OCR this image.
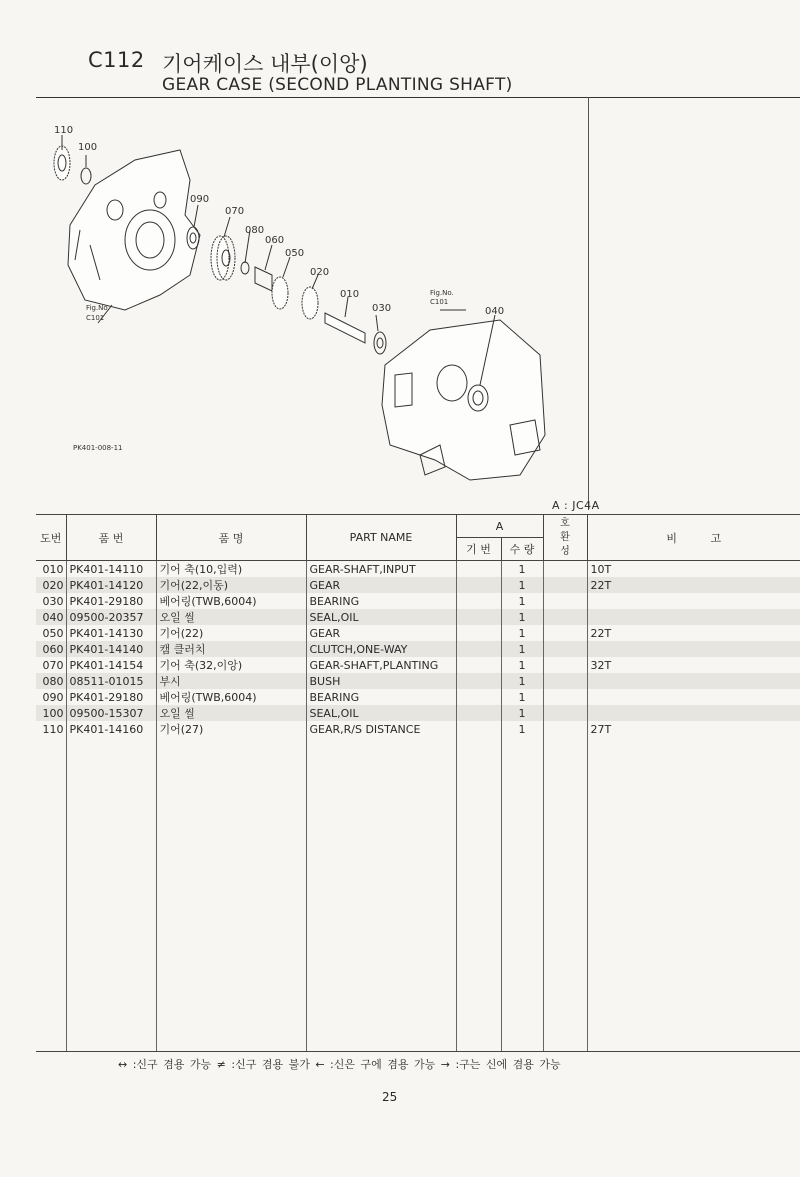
C112 기어케이스 내부(이앙)
GEAR CASE (SECOND PLANTING SHAFT)
110
100
090
070
080
060
050
020
010
030	040
Fig.No.
C101
Fig.No.
C101
PK401-008-11
A : JC4A
도번	품 번	품 명	PART NAME	A		호 환 성	비 고
				기 번	수 량		
010	PK401-14110	기어 축(10,입력)	GEAR-SHAFT,INPUT		1		10T
020	PK401-14120	기어(22,이동)	GEAR		1		22T
030	PK401-29180	베어링(TWB,6004)	BEARING		1		
040	09500-20357	오일 씰	SEAL,OIL		1		
050	PK401-14130	기어(22)	GEAR		1		22T
060	PK401-14140	캠 클러치	CLUTCH,ONE-WAY		1		
070	PK401-14154	기어 축(32,이앙)	GEAR-SHAFT,PLANTING		1		32T
080	08511-01015	부시	BUSH		1		
090	PK401-29180	베어링(TWB,6004)	BEARING		1		
100	09500-15307	오일 씰	SEAL,OIL		1		
110	PK401-14160	기어(27)	GEAR,R/S DISTANCE		1		27T

↔ :신구 겸용 가능 ≠ :신구 겸용 불가 ← :신은 구에 겸용 가능 → :구는 신에 겸용 가능
25
